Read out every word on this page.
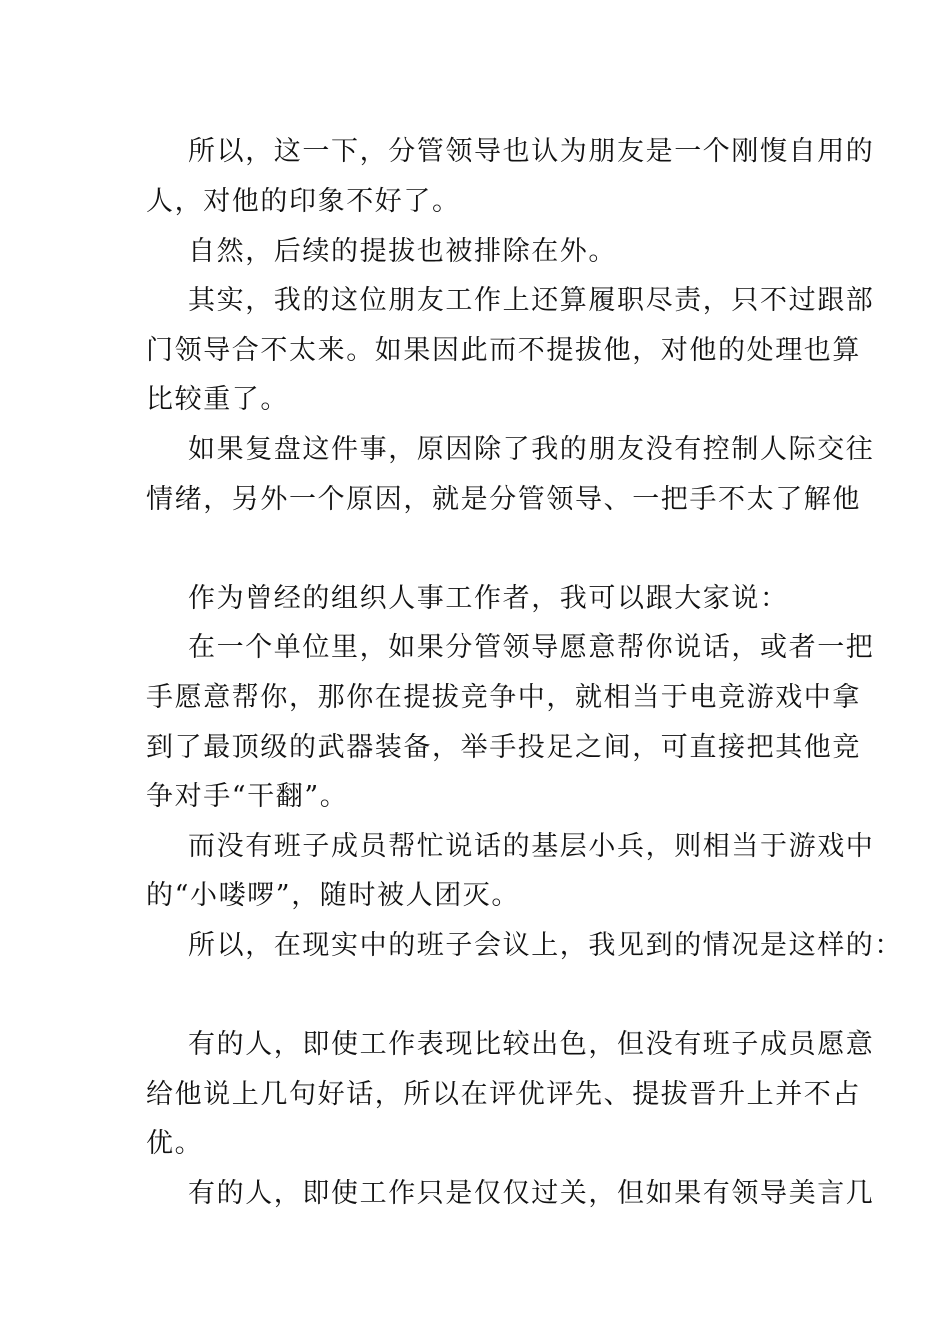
所以，这一下，分管领导也认为朋友是一个刚愎自用的
人，对他的印象不好了。
自然，后续的提拔也被排除在外。
其实，我的这位朋友工作上还算履职尽责，只不过跟部
门领导合不太来。如果因此而不提拔他，对他的处理也算
比较重了。
如果复盘这件事，原因除了我的朋友没有控制人际交往
情绪，另外一个原因，就是分管领导、一把手不太了解他
作为曾经的组织人事工作者，我可以跟大家说：
在一个单位里，如果分管领导愿意帮你说话，或者一把
手愿意帮你，那你在提拔竞争中，就相当于电竞游戏中拿
到了最顶级的武器装备，举手投足之间，可直接把其他竞
争对手“干翻”。
而没有班子成员帮忙说话的基层小兵，则相当于游戏中
的“小喽啰”，随时被人团灭。
所以，在现实中的班子会议上，我见到的情况是这样的：
有的人，即使工作表现比较出色，但没有班子成员愿意
给他说上几句好话，所以在评优评先、提拔晋升上并不占
优。
有的人，即使工作只是仅仅过关，但如果有领导美言几
